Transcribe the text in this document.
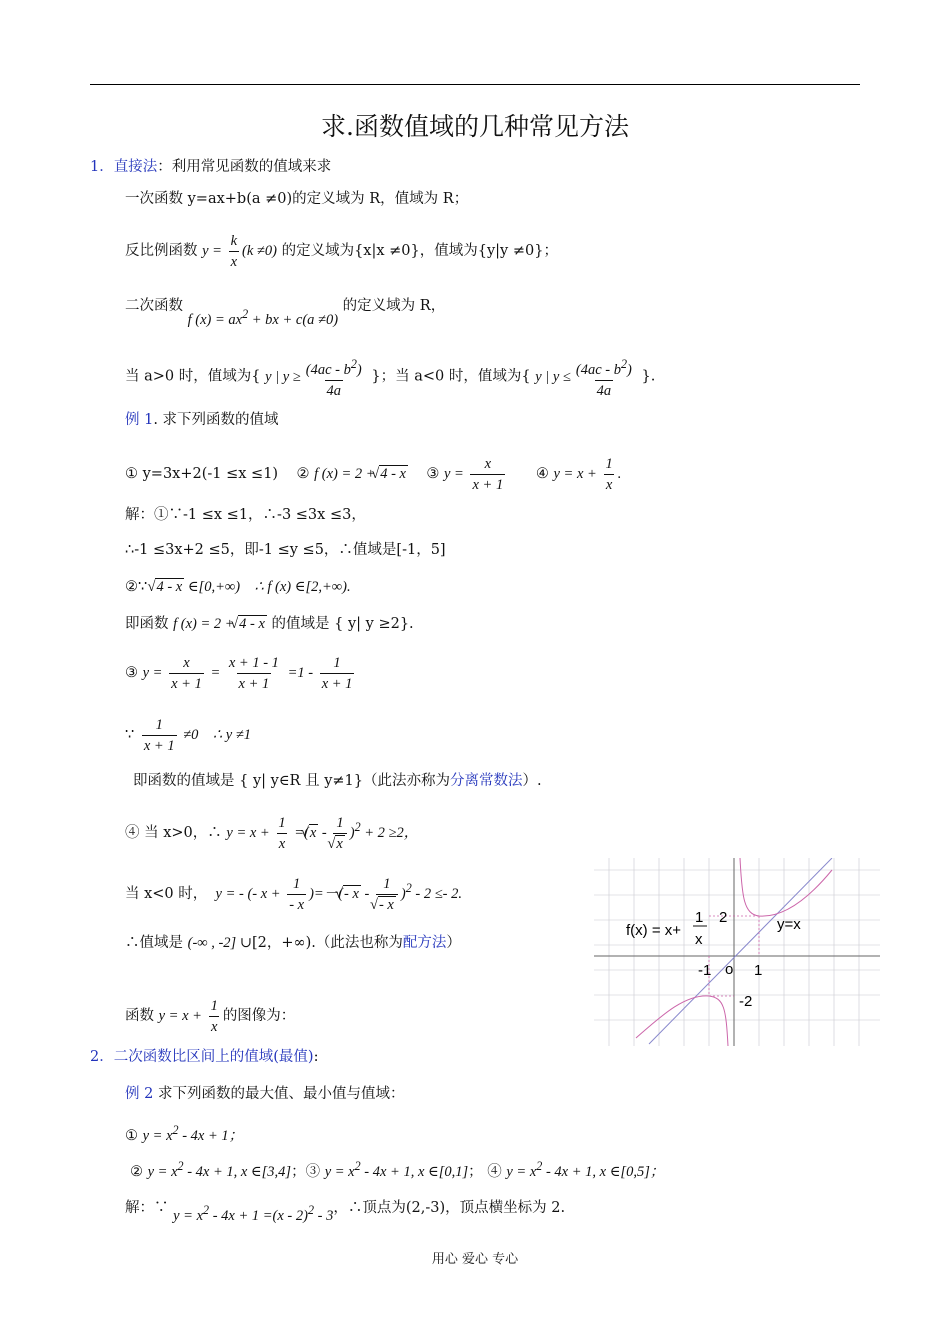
求.函数值域的几种常见方法
1．直接法：利用常见函数的值域来求
一次函数 y=ax+b(a ≠0)的定义域为 R，值域为 R；
反比例函数 $y = \frac{k}{x} (k \ne 0)$ 的定义域为{x|x ≠0}，值域为{y|y ≠0}；
二次函数 f $(x) = ax^2$ + bx + c(a ≠0) 的定义域为 R，
当 a>0 时，值域为{ y | $y \ge \frac{(4ac - b^2)}{4a}$ }；当 a<0 时，值域为{ y | $y \le \frac{(4ac - b^2)}{4a}$ }.
例 1. 求下列函数的值域
① y=3x+2(-1 ≤x ≤1) ② f (x) = 2 + √ 4 - x ③ $y = \frac{x}{x + 1}$ ④ $y = x + \frac{1}{x}$ .
解：①∵-1 ≤x ≤1，∴-3 ≤3x ≤3，
∴-1 ≤3x+2 ≤5，即-1 ≤y ≤5，∴值域是[-1，5]
②∵  √ 4 - x ∈[0,+∞)    ∴ f (x) ∈[2,+∞).
即函数 f (x) = 2 + √ 4 - x 的值域是 { y| y ≥2}.
③ $y = \frac{x}{x + 1} = \frac{x + 1 - 1}{x + 1} =1 - \frac{1}{x + 1}$
∵ $\frac{1}{x + 1} \ne 0$    ∴ y ≠1
即函数的值域是 { y| y∈R 且 y≠1}（此法亦称为分离常数法）.
④ 当 x>0，∴ $y = x + \frac{1}{x}$ =(√ x - 1
√ x )$^2$ + 2 ≥2，
当 x<0 时，  y = - (- $x + \frac{1}{- x}$ )=－(√ - x - 1
√ - x )$^2$ - 2 ≤- 2.
∴值域是 (-∞ , -2] ∪[2，+∞).（此法也称为配方法）
函数 $y = x + \frac{1}{x}$ 的图像为：
f(x) = x+
1
x
2	y=x
-1 o 1
-2
2．二次函数比区间上的值域(最值):
例 2 求下列函数的最大值、最小值与值域：
① $y = x^2 - 4x + 1$；
② $y = x^2 - 4x + 1$, x ∈[3,4]；③ $y = x^2 - 4x + 1$, x ∈[0,1]； ④ $y = x^2 - 4x + 1$, x ∈[0,5]；
解：∵ $y = x^2 - 4x + 1 =(x - 2)^2 - 3$，∴顶点为(2,-3)，顶点横坐标为 2.
用心 爱心 专心
